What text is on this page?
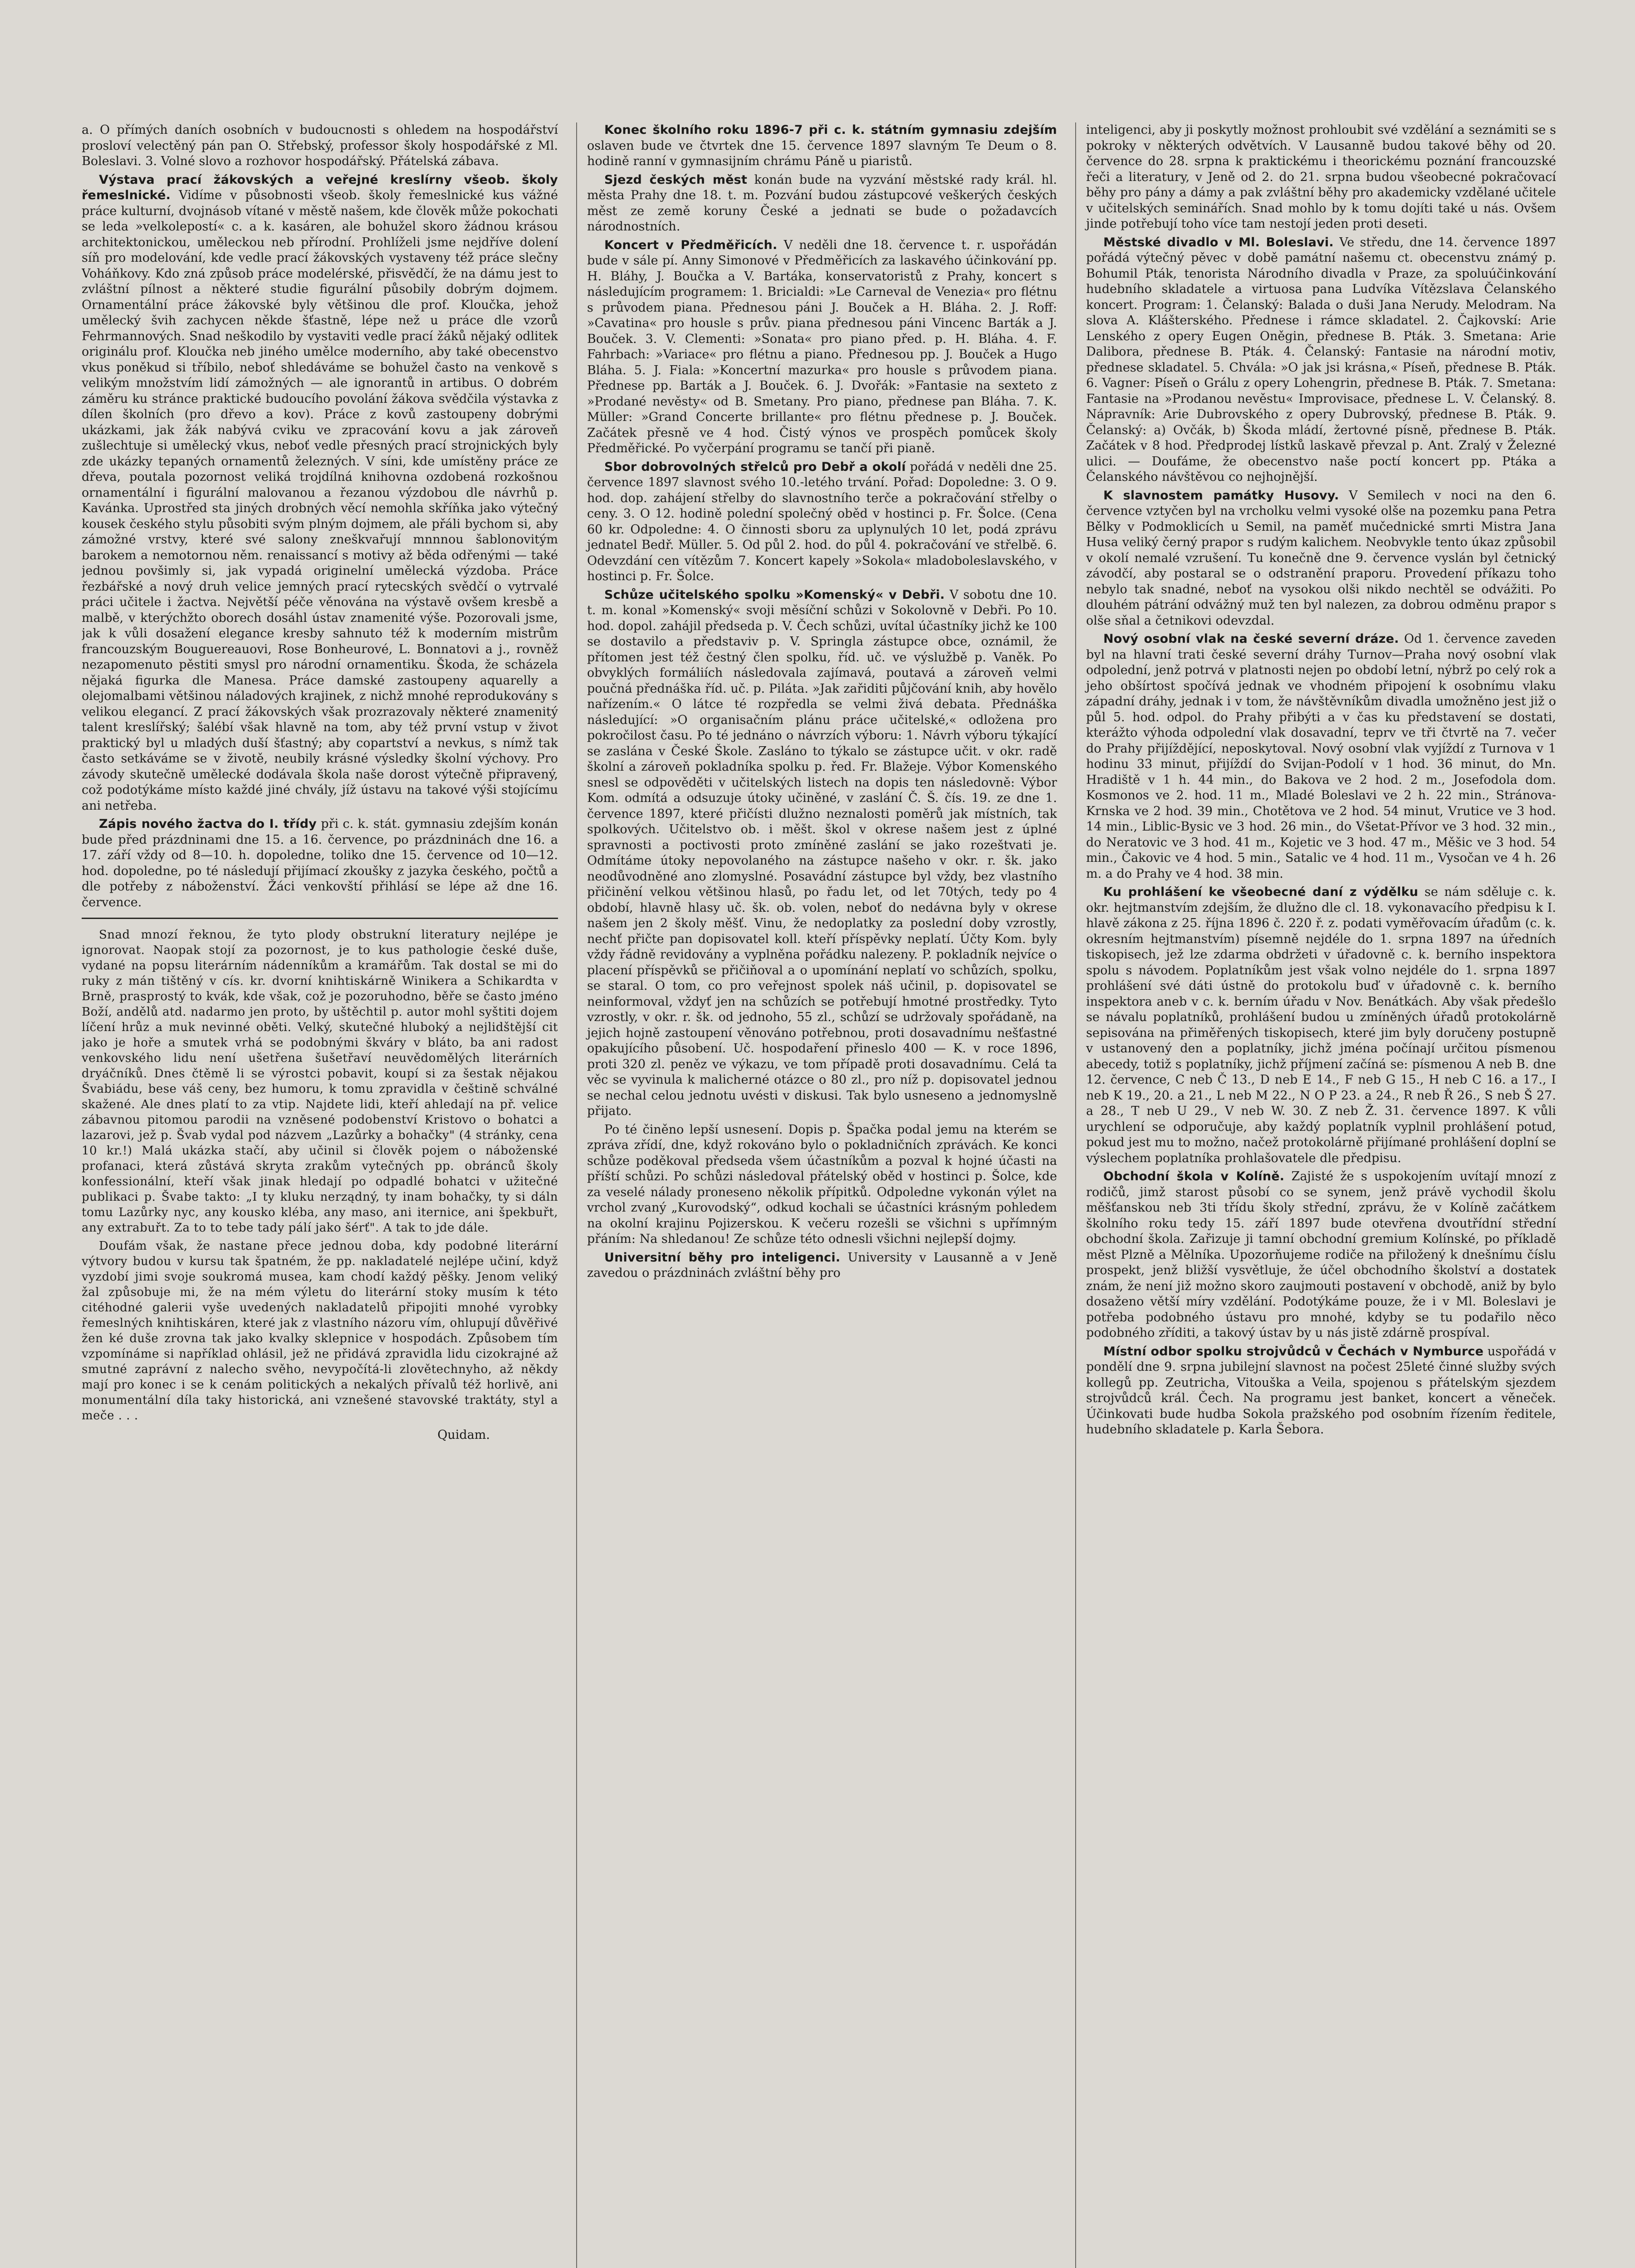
a. O přímých daních osobních v budoucnosti s ohledem na hospodářství prosloví velectěný pán pan O. Střebský, professor školy hospodářské z Ml. Boleslavi. 3. Volné slovo a rozhovor hospodářský. Přátelská zábava.

Výstava prací žákovských a veřejné kreslírny všeob. školy řemeslnické. Vidíme v působnosti všeob. školy řemeslnické kus vážné práce kulturní, dvojnásob vítané v městě našem, kde člověk může pokochati se leda »velkolepostí« c. a k. kasáren, ale bohužel skoro žádnou krásou architektonickou, uměleckou neb přírodní. Prohlíželi jsme nejdříve dolení síň pro modelování, kde vedle prací žákovských vystaveny též práce slečny Voháňkovy. Kdo zná způsob práce modelérské, přisvědčí, že na dámu jest to zvláštní pílnost a některé studie figurální působily dobrým dojmem. Ornamentální práce žákovské byly většinou dle prof. Kloučka, jehož umělecký švih zachycen někde šťastně, lépe než u práce dle vzorů Fehrmannových. Snad neškodilo by vystaviti vedle prací žáků nějaký odlitek originálu prof. Kloučka neb jiného umělce moderního, aby také obecenstvo vkus poněkud si tříbilo, neboť shledáváme se bohužel často na venkově s velikým množstvím lidí zámožných — ale ignorantů in artibus. O dobrém záměru ku stránce praktické budoucího povolání žákova svědčila výstavka z dílen školních (pro dřevo a kov). Práce z kovů zastoupeny dobrými ukázkami, jak žák nabývá cviku ve zpracování kovu a jak zároveň zušlechtuje si umělecký vkus, neboť vedle přesných prací strojnických byly zde ukázky tepaných ornamentů železných. V síni, kde umístěny práce ze dřeva, poutala pozornost veliká trojdílná knihovna ozdobená rozkošnou ornamentální i figurální malovanou a řezanou výzdobou dle návrhů p. Kavánka. Uprostřed sta jiných drobných věcí nemohla skříňka jako výtečný kousek českého stylu působiti svým plným dojmem, ale přáli bychom si, aby zámožné vrstvy, které své salony zneškvařují mnnnou šablonovitým barokem a nemotornou něm. renaissancí s motivy až běda odřenými — také jednou povšimly si, jak vypadá originelní umělecká výzdoba. Práce řezbářské a nový druh velice jemných prací rytecských svědčí o vytrvalé práci učitele i žactva. Největší péče věnována na výstavě ovšem kresbě a malbě, v kterýchžto oborech dosáhl ústav znamenité výše. Pozorovali jsme, jak k vůli dosažení elegance kresby sahnuto též k moderním mistrům francouzským Bouguereauovi, Rose Bonheurové, L. Bonnatovi a j., rovněž nezapomenuto pěstiti smysl pro národní ornamentiku. Škoda, že scházela nějaká figurka dle Manesa. Práce damské zastoupeny aquarelly a olejomalbami většinou náladových krajinek, z nichž mnohé reprodukovány s velikou elegancí. Z prací žákovských však prozrazovaly některé znamenitý talent kreslířský; šalébí však hlavně na tom, aby též první vstup v život praktický byl u mladých duší šťastný; aby copartství a nevkus, s nímž tak často setkáváme se v životě, neubily krásné výsledky školní výchovy. Pro závody skutečně umělecké dodávala škola naše dorost výtečně připravený, což podotýkáme místo každé jiné chvály, jíž ústavu na takové výši stojícímu ani netřeba.

Zápis nového žactva do I. třídy při c. k. stát. gymnasiu zdejším konán bude před prázdninami dne 15. a 16. července, po prázdninách dne 16. a 17. září vždy od 8—10. h. dopoledne, toliko dne 15. července od 10—12. hod. dopoledne, po té následují přijímací zkoušky z jazyka českého, počtů a dle potřeby z náboženství. Žáci venkovští přihlásí se lépe až dne 16. července.

Snad mnozí řeknou, že tyto plody obstrukní literatury nejlépe je ignorovat. Naopak stojí za pozornost, je to kus pathologie české duše, vydané na popsu literárním nádenníkům a kramářům. Tak dostal se mi do ruky z mán tištěný v cís. kr. dvorní knihtiskárně Winikera a Schikardta v Brně, prasprostý to kvák, kde však, což je pozoruhodno, běře se často jméno Boží, andělů atd. nadarmo jen proto, by uštěchtil p. autor mohl syštiti dojem líčení hrůz a muk nevinné oběti. Velký, skutečné hluboký a nejlidštější cit jako je hoře a smutek vrhá se podobnými škváry v bláto, ba ani radost venkovského lidu není ušetřena šušetřaví neuvědomělých literárních dryáčníků. Dnes čtěmě li se výrostci pobavit, koupí si za šestak nějakou Švabiádu, bese váš ceny, bez humoru, k tomu zpravidla v češtině schválné skažené. Ale dnes platí to za vtip. Najdete lidi, kteří ahledají na př. velice zábavnou pitomou parodii na vzněsené podobenství Kristovo o bohatci a lazarovi, jež p. Švab vydal pod názvem „Lazůrky a bohačky" (4 stránky, cena 10 kr.!) Malá ukázka stačí, aby učinil si člověk pojem o náboženské profanaci, která zůstává skryta zrakům vytečných pp. obránců školy konfessionální, kteří však jinak hledají po odpadlé bohatci v užitečné publikaci p. Švabe takto: „I ty kluku nerządný, ty inam bohačky, ty si dáln tomu Lazůrky nyc, any kousko kléba, any maso, ani iternice, ani špekbuřt, any extrabuřt. Za to to tebe tady pálí jako šérť". A tak to jde dále.

Doufám však, že nastane přece jednou doba, kdy podobné literární výtvory budou v kursu tak špatném, že pp. nakladatelé nejlépe učiní, když vyzdobí jimi svoje soukromá musea, kam chodí každý pěšky. Jenom veliký žal způsobuje mi, že na mém výletu do literární stoky musím k této citéhodné galerii vyše uvedených nakladatelů připojiti mnohé vyrobky řemeslných knihtiskáren, které jak z vlastního názoru vím, ohlupují důvěřivé žen ké duše zrovna tak jako kvalky sklepnice v hospodách. Způsobem tím vzpomínáme si například ohlásil, jež ne přidává zpravidla lidu cizokrajné až smutné zaprávní z nalecho svěho, nevypočítá-li zlovětechnyho, až někdy mají pro konec i se k cenám politických a nekalých přívalů též horlivě, ani monumentální díla taky historická, ani vznešené stavovské traktáty, styl a meče . . .

Quidam.

Konec školního roku 1896-7 při c. k. státním gymnasiu zdejším oslaven bude ve čtvrtek dne 15. července 1897 slavným Te Deum o 8. hodině ranní v gymnasijním chrámu Páně u piaristů.

Sjezd českých měst konán bude na vyzvání městské rady král. hl. města Prahy dne 18. t. m. Pozvání budou zástupcové veškerých českých měst ze země koruny České a jednati se bude o požadavcích národnostních.

Koncert v Předměřicích. V neděli dne 18. července t. r. uspořádán bude v sále pí. Anny Simonové v Předměřicích za laskavého účinkování pp. H. Bláhy, J. Boučka a V. Bartáka, konservatoristů z Prahy, koncert s následujícím programem: 1. Bricialdi: »Le Carneval de Venezia« pro flétnu s průvodem piana. Přednesou páni J. Bouček a H. Bláha. 2. J. Roff: »Cavatina« pro housle s prův. piana přednesou páni Vincenc Barták a J. Bouček. 3. V. Clementi: »Sonata« pro piano před. p. H. Bláha. 4. F. Fahrbach: »Variace« pro flétnu a piano. Přednesou pp. J. Bouček a Hugo Bláha. 5. J. Fiala: »Koncertní mazurka« pro housle s průvodem piana. Přednese pp. Barták a J. Bouček. 6. J. Dvořák: »Fantasie na sexteto z »Prodané nevěsty« od B. Smetany. Pro piano, přednese pan Bláha. 7. K. Müller: »Grand Concerte brillante« pro flétnu přednese p. J. Bouček. Začátek přesně ve 4 hod. Čistý výnos ve prospěch pomůcek školy Předměřické. Po vyčerpání programu se tančí při pianě.

Sbor dobrovolných střelců pro Debř a okolí pořádá v neděli dne 25. července 1897 slavnost svého 10.-letého trvání. Pořad: Dopoledne: 3. O 9. hod. dop. zahájení střelby do slavnostního terče a pokračování střelby o ceny. 3. O 12. hodině polední společný oběd v hostinci p. Fr. Šolce. (Cena 60 kr. Odpoledne: 4. O činnosti sboru za uplynulých 10 let, podá zprávu jednatel Bedř. Müller. 5. Od půl 2. hod. do půl 4. pokračování ve střelbě. 6. Odevzdání cen vítězům 7. Koncert kapely »Sokola« mladoboleslavského, v hostinci p. Fr. Šolce.

Schůze učitelského spolku »Komenský« v Debři. V sobotu dne 10. t. m. konal »Komenský« svoji měsíční schůzi v Sokolovně v Debři. Po 10. hod. dopol. zahájil předseda p. V. Čech schůzi, uvítal účastníky jichž ke 100 se dostavilo a představiv p. V. Springla zástupce obce, oznámil, že přítomen jest též čestný člen spolku, říd. uč. ve výslužbě p. Vaněk. Po obvyklých formáliích následovala zajímavá, poutavá a zároveň velmi poučná přednáška říd. uč. p. Piláta. »Jak zařiditi půjčování knih, aby hovělo nařízením.« O látce té rozpředla se velmi živá debata. Přednáška následující: »O organisačním plánu práce učitelské,« odložena pro pokročilost času. Po té jednáno o návrzích výboru: 1. Návrh výboru týkající se zaslána v České Škole. Zasláno to týkalo se zástupce učit. v okr. radě školní a zároveň pokladníka spolku p. řed. Fr. Blažeje. Výbor Komenského snesl se odpověděti v učitelských listech na dopis ten následovně: Výbor Kom. odmítá a odsuzuje útoky učiněné, v zaslání Č. Š. čís. 19. ze dne 1. července 1897, které přičísti dlužno neznalosti poměrů jak místních, tak spolkových. Učitelstvo ob. i měšt. škol v okrese našem jest z úplné spravnosti a poctivosti proto zmíněné zaslání se jako rozeštvati je. Odmítáme útoky nepovolaného na zástupce našeho v okr. r. šk. jako neodůvodněné ano zlomyslné. Posavádní zástupce byl vždy, bez vlastního přičinění velkou většinou hlasů, po řadu let, od let 70tých, tedy po 4 období, hlavně hlasy uč. šk. ob. volen, neboť do nedávna byly v okrese našem jen 2 školy měšť. Vinu, že nedoplatky za poslední doby vzrostly, nechť přičte pan dopisovatel koll. kteří příspěvky neplatí. Účty Kom. byly vždy řádně revidovány a vyplněna pořádku nalezeny. P. pokladník nejvíce o placení příspěvků se přičiňoval a o upomínání neplatí vo schůzích, spolku, se staral. O tom, co pro veřejnost spolek náš učinil, p. dopisovatel se neinformoval, vždyť jen na schůzích se potřebují hmotné prostředky. Tyto vzrostly, v okr. r. šk. od jednoho, 55 zl., schůzí se udržovaly spořádaně, na jejich hojně zastoupení věnováno potřebnou, proti dosavadnímu nešťastné opakujícího působení. Uč. hospodaření přineslo 400 — K. v roce 1896, proti 320 zl. peněz ve výkazu, ve tom případě proti dosavadnímu. Celá ta věc se vyvinula k malicherné otázce o 80 zl., pro níž p. dopisovatel jednou se nechal celou jednotu uvésti v diskusi. Tak bylo usneseno a jednomyslně přijato.

Po té činěno lepší usnesení. Dopis p. Špačka podal jemu na kterém se zpráva zřídí, dne, když rokováno bylo o pokladničních zprávách. Ke konci schůze poděkoval předseda všem účastníkům a pozval k hojné účasti na příští schůzi. Po schůzi následoval přátelský oběd v hostinci p. Šolce, kde za veselé nálady proneseno několik přípitků. Odpoledne vykonán výlet na vrchol zvaný „Kurovodský“, odkud kochali se účastníci krásným pohledem na okolní krajinu Pojizerskou. K večeru rozešli se všichni s upřímným přáním: Na shledanou! Ze schůze této odnesli všichni nejlepší dojmy.

Universitní běhy pro inteligenci. University v Lausanně a v Jeně zavedou o prázdninách zvláštní běhy pro

inteligenci, aby ji poskytly možnost prohloubit své vzdělání a seznámiti se s pokroky v některých odvětvích. V Lausanně budou takové běhy od 20. července do 28. srpna k praktickému i theorickému poznání francouzské řeči a literatury, v Jeně od 2. do 21. srpna budou všeobecné pokračovací běhy pro pány a dámy a pak zvláštní běhy pro akademicky vzdělané učitele v učitelských seminářích. Snad mohlo by k tomu dojíti také u nás. Ovšem jinde potřebují toho více tam nestojí jeden proti deseti.

Městské divadlo v Ml. Boleslavi. Ve středu, dne 14. července 1897 pořádá výtečný pěvec v době památní našemu ct. obecenstvu známý p. Bohumil Pták, tenorista Národního divadla v Praze, za spoluúčinkování hudebního skladatele a virtuosa pana Ludvíka Vítězslava Čelanského koncert. Program: 1. Čelanský: Balada o duši Jana Nerudy. Melodram. Na slova A. Klášterského. Přednese i rámce skladatel. 2. Čajkovskí: Arie Lenského z opery Eugen Oněgin, přednese B. Pták. 3. Smetana: Arie Dalibora, přednese B. Pták. 4. Čelanský: Fantasie na národní motiv, přednese skladatel. 5. Chvála: »O jak jsi krásna,« Píseň, přednese B. Pták. 6. Vagner: Píseň o Grálu z opery Lohengrin, přednese B. Pták. 7. Smetana: Fantasie na »Prodanou nevěstu« Improvisace, přednese L. V. Čelanský. 8. Nápravník: Arie Dubrovského z opery Dubrovský, přednese B. Pták. 9. Čelanský: a) Ovčák, b) Škoda mládí, žertovné písně, přednese B. Pták. Začátek v 8 hod. Předprodej lístků laskavě převzal p. Ant. Zralý v Železné ulici. — Doufáme, že obecenstvo naše poctí koncert pp. Ptáka a Čelanského návštěvou co nejhojnější.

K slavnostem památky Husovy. V Semilech v noci na den 6. července vztyčen byl na vrcholku velmi vysoké olše na pozemku pana Petra Bělky v Podmoklicích u Semil, na paměť mučednické smrti Mistra Jana Husa veliký černý prapor s rudým kalichem. Neobvykle tento úkaz způsobil v okolí nemalé vzrušení. Tu konečně dne 9. července vyslán byl četnický závodčí, aby postaral se o odstranění praporu. Provedení příkazu toho nebylo tak snadné, neboť na vysokou olši nikdo nechtěl se odvážiti. Po dlouhém pátrání odvážný muž ten byl nalezen, za dobrou odměnu prapor s olše sňal a četnikovi odevzdal.

Nový osobní vlak na české severní dráze. Od 1. července zaveden byl na hlavní trati české severní dráhy Turnov—Praha nový osobní vlak odpolední, jenž potrvá v platnosti nejen po období letní, nýbrž po celý rok a jeho obšírtost spočívá jednak ve vhodném připojení k osobnímu vlaku západní dráhy, jednak i v tom, že návštěvníkům divadla umožněno jest již o půl 5. hod. odpol. do Prahy přibýti a v čas ku představení se dostati, kterážto výhoda odpolední vlak dosavadní, teprv ve tři čtvrtě na 7. večer do Prahy přijíždějící, neposkytoval. Nový osobní vlak vyjíždí z Turnova v 1 hodinu 33 minut, přijíždí do Svijan-Podolí v 1 hod. 36 minut, do Mn. Hradiště v 1 h. 44 min., do Bakova ve 2 hod. 2 m., Josefodola dom. Kosmonos ve 2. hod. 11 m., Mladé Boleslavi ve 2 h. 22 min., Stránova-Krnska ve 2 hod. 39 min., Chotětova ve 2 hod. 54 minut, Vrutice ve 3 hod. 14 min., Liblic-Bysic ve 3 hod. 26 min., do Všetat-Přívor ve 3 hod. 32 min., do Neratovic ve 3 hod. 41 m., Kojetic ve 3 hod. 47 m., Měšic ve 3 hod. 54 min., Čakovic ve 4 hod. 5 min., Satalic ve 4 hod. 11 m., Vysočan ve 4 h. 26 m. a do Prahy ve 4 hod. 38 min.

Ku prohlášení ke všeobecné daní z výdělku se nám sděluje c. k. okr. hejtmanstvím zdejším, že dlužno dle cl. 18. vykonavacího předpisu k I. hlavě zákona z 25. října 1896 č. 220 ř. z. podati vyměřovacím úřadům (c. k. okresním hejtmanstvím) písemně nejdéle do 1. srpna 1897 na úředních tiskopisech, jež lze zdarma obdržeti v úřadovně c. k. berního inspektora spolu s návodem. Poplatníkům jest však volno nejdéle do 1. srpna 1897 prohlášení své dáti ústně do protokolu buď v úřadovně c. k. berního inspektora aneb v c. k. berním úřadu v Nov. Benátkách. Aby však předešlo se návalu poplatníků, prohlášení budou u zmíněných úřadů protokolárně sepisována na přiměřených tiskopisech, které jim byly doručeny postupně v ustanovený den a poplatníky, jichž jména počínají určitou písmenou abecedy, totiž s poplatníky, jichž příjmení začíná se: písmenou A neb B. dne 12. července, C neb Č 13., D neb E 14., F neb G 15., H neb C 16. a 17., I neb K 19., 20. a 21., L neb M 22., N O P 23. a 24., R neb Ř 26., S neb Š 27. a 28., T neb U 29., V neb W. 30. Z neb Ž. 31. července 1897. K vůli urychlení se odporučuje, aby každý poplatník vyplnil prohlášení potud, pokud jest mu to možno, načež protokolárně přijímané prohlášení doplní se výslechem poplatníka prohlašovatele dle předpisu.

Obchodní škola v Kolíně. Zajisté že s uspokojením uvítají mnozí z rodičů, jimž starost působí co se synem, jenž právě vychodil školu měšťanskou neb 3ti třídu školy střední, zprávu, že v Kolíně začátkem školního roku tedy 15. září 1897 bude otevřena dvoutřídní střední obchodní škola. Zařizuje ji tamní obchodní gremium Kolínské, po příkladě měst Plzně a Mělníka. Upozorňujeme rodiče na přiložený k dnešnímu číslu prospekt, jenž bližší vysvětluje, že účel obchodního školství a dostatek znám, že není již možno skoro zaujmouti postavení v obchodě, aniž by bylo dosaženo větší míry vzdělání. Podotýkáme pouze, že i v Ml. Boleslavi je potřeba podobného ústavu pro mnohé, kdyby se tu podařilo něco podobného zříditi, a takový ústav by u nás jistě zdárně prospíval.

Místní odbor spolku strojvůdců v Čechách v Nymburce uspořádá v pondělí dne 9. srpna jubilejní slavnost na počest 25leté činné služby svých kollegů pp. Zeutricha, Vitouška a Veila, spojenou s přátelským sjezdem strojvůdců král. Čech. Na programu jest banket, koncert a věneček. Účinkovati bude hudba Sokola pražského pod osobním řízením ředitele, hudebního skladatele p. Karla Šebora.
